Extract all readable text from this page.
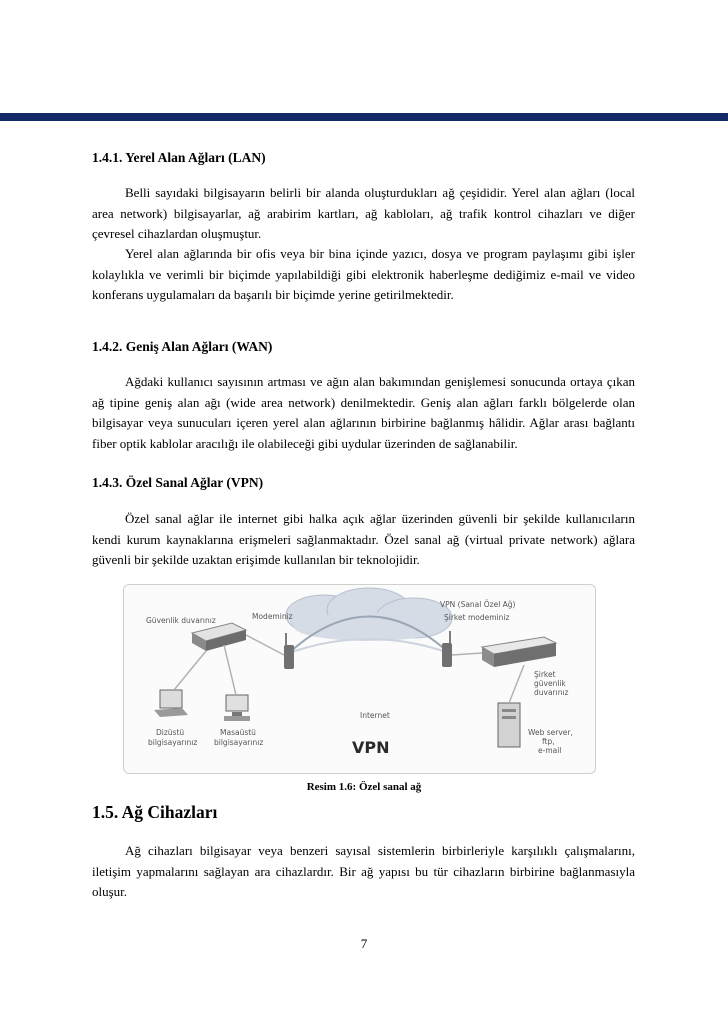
1.4.1. Yerel Alan Ağları (LAN)

Belli sayıdaki bilgisayarın belirli bir alanda oluşturdukları ağ çeşididir. Yerel alan ağları (local area network) bilgisayarlar, ağ arabirim kartları, ağ kabloları, ağ trafik kontrol cihazları ve diğer çevresel cihazlardan oluşmuştur.

Yerel alan ağlarında bir ofis veya bir bina içinde yazıcı, dosya ve program paylaşımı gibi işler kolaylıkla ve verimli bir biçimde yapılabildiği gibi elektronik haberleşme dediğimiz e-mail ve video konferans uygulamaları da başarılı bir biçimde yerine getirilmektedir.

1.4.2. Geniş Alan Ağları (WAN)

Ağdaki kullanıcı sayısının artması ve ağın alan bakımından genişlemesi sonucunda ortaya çıkan ağ tipine geniş alan ağı (wide area network) denilmektedir. Geniş alan ağları farklı bölgelerde olan bilgisayar veya sunucuları içeren yerel alan ağlarının birbirine bağlanmış hâlidir. Ağlar arası bağlantı fiber optik kablolar aracılığı ile olabileceği gibi uydular üzerinden de sağlanabilir.

1.4.3. Özel Sanal Ağlar (VPN)

Özel sanal ağlar ile internet gibi halka açık ağlar üzerinden güvenli bir şekilde kullanıcıların kendi kurum kaynaklarına erişmeleri sağlanmaktadır. Özel sanal ağ (virtual private network) ağlara güvenli bir şekilde uzaktan erişimde kullanılan bir teknolojidir.

Güvenlik duvarınız	Modeminiz
VPN (Sanal Özel Ağ)
Şirket modeminiz
Şirket
güvenlik
duvarınız
Internet
Dizüstü
bilgisayarınız
Masaüstü
bilgisayarınız
Web server,
ftp,
e-mail
VPN
Resim 1.6: Özel sanal ağ
1.5. Ağ Cihazları

Ağ cihazları bilgisayar veya benzeri sayısal sistemlerin birbirleriyle karşılıklı çalışmalarını, iletişim yapmalarını sağlayan ara cihazlardır. Bir ağ yapısı bu tür cihazların birbirine bağlanmasıyla oluşur.

7
